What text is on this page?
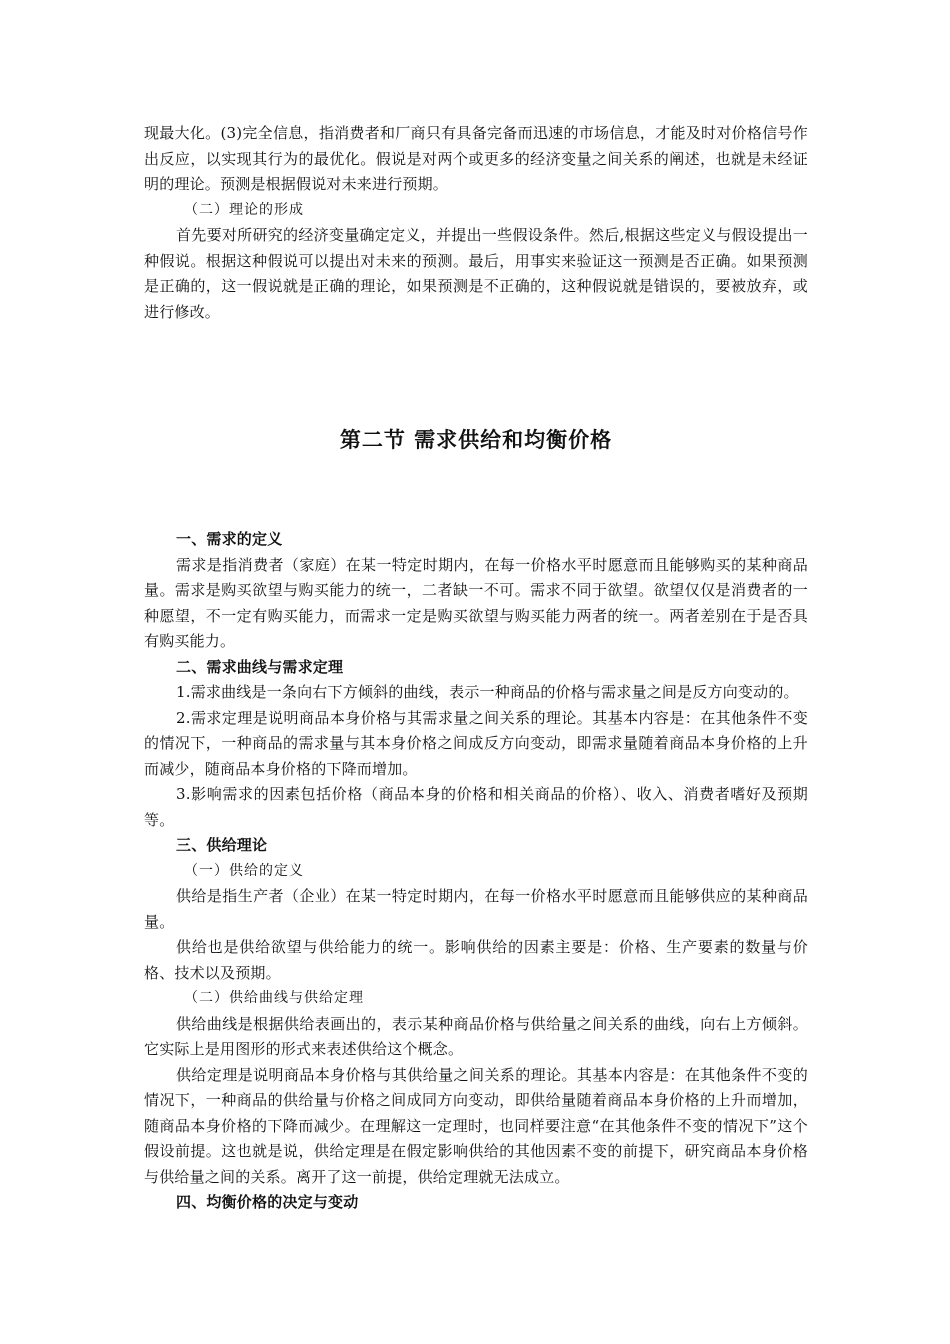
现最大化。(3)完全信息，指消费者和厂商只有具备完备而迅速的市场信息，才能及时对价格信号作出反应，以实现其行为的最优化。假说是对两个或更多的经济变量之间关系的阐述，也就是未经证明的理论。预测是根据假说对未来进行预期。

（二）理论的形成

首先要对所研究的经济变量确定定义，并提出一些假设条件。然后,根据这些定义与假设提出一种假说。根据这种假说可以提出对未来的预测。最后，用事实来验证这一预测是否正确。如果预测是正确的，这一假说就是正确的理论，如果预测是不正确的，这种假说就是错误的，要被放弃，或进行修改。

第二节 需求供给和均衡价格

一、需求的定义

需求是指消费者（家庭）在某一特定时期内，在每一价格水平时愿意而且能够购买的某种商品量。需求是购买欲望与购买能力的统一，二者缺一不可。需求不同于欲望。欲望仅仅是消费者的一种愿望，不一定有购买能力，而需求一定是购买欲望与购买能力两者的统一。两者差别在于是否具有购买能力。

二、需求曲线与需求定理

1.需求曲线是一条向右下方倾斜的曲线，表示一种商品的价格与需求量之间是反方向变动的。

2.需求定理是说明商品本身价格与其需求量之间关系的理论。其基本内容是：在其他条件不变的情况下，一种商品的需求量与其本身价格之间成反方向变动，即需求量随着商品本身价格的上升而减少，随商品本身价格的下降而增加。

3.影响需求的因素包括价格（商品本身的价格和相关商品的价格）、收入、消费者嗜好及预期等。

三、供给理论

（一）供给的定义

供给是指生产者（企业）在某一特定时期内，在每一价格水平时愿意而且能够供应的某种商品量。

供给也是供给欲望与供给能力的统一。影响供给的因素主要是：价格、生产要素的数量与价格、技术以及预期。

（二）供给曲线与供给定理

供给曲线是根据供给表画出的，表示某种商品价格与供给量之间关系的曲线，向右上方倾斜。它实际上是用图形的形式来表述供给这个概念。

供给定理是说明商品本身价格与其供给量之间关系的理论。其基本内容是：在其他条件不变的情况下，一种商品的供给量与价格之间成同方向变动，即供给量随着商品本身价格的上升而增加，随商品本身价格的下降而减少。在理解这一定理时，也同样要注意“在其他条件不变的情况下”这个假设前提。这也就是说，供给定理是在假定影响供给的其他因素不变的前提下，研究商品本身价格与供给量之间的关系。离开了这一前提，供给定理就无法成立。

四、均衡价格的决定与变动
